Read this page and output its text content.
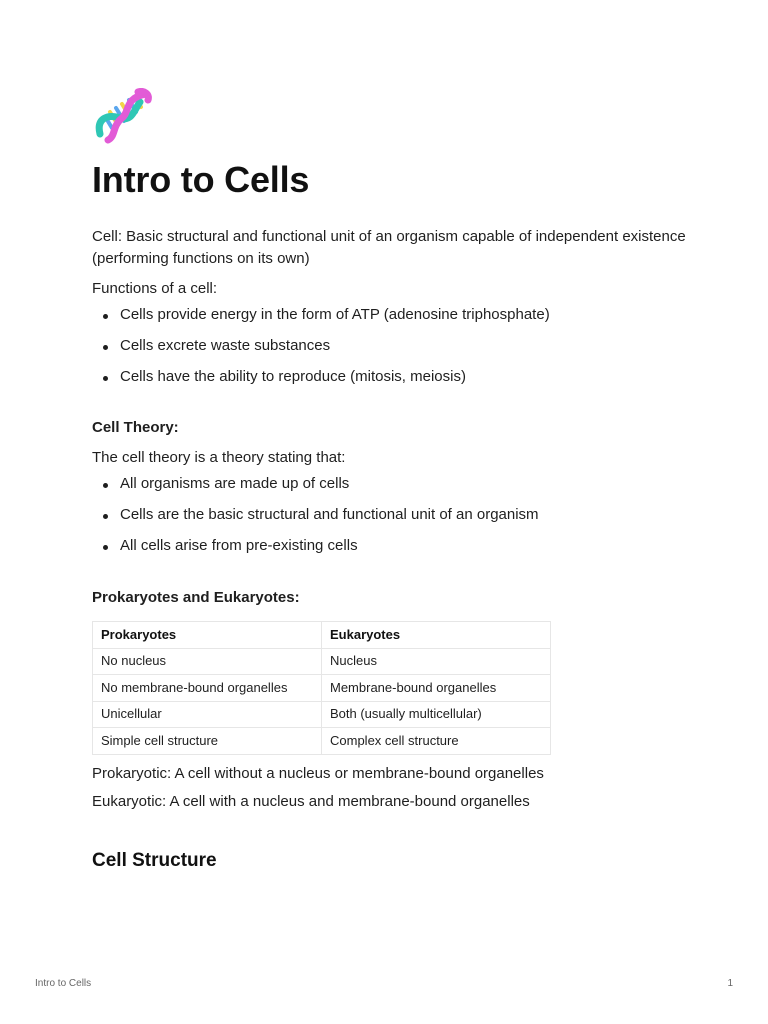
Intro to Cells

Cell: Basic structural and functional unit of an organism capable of independent existence (performing functions on its own)

Functions of a cell:

Cells provide energy in the form of ATP (adenosine triphosphate)
Cells excrete waste substances
Cells have the ability to reproduce (mitosis, meiosis)
Cell Theory:

The cell theory is a theory stating that:

All organisms are made up of cells
Cells are the basic structural and functional unit of an organism
All cells arise from pre-existing cells
Prokaryotes and Eukaryotes:
Prokaryotes	Eukaryotes
No nucleus	Nucleus
No membrane-bound organelles	Membrane-bound organelles
Unicellular	Both (usually multicellular)
Simple cell structure	Complex cell structure

Prokaryotic: A cell without a nucleus or membrane-bound organelles

Eukaryotic: A cell with a nucleus and membrane-bound organelles

Cell Structure
Intro to Cells	1
